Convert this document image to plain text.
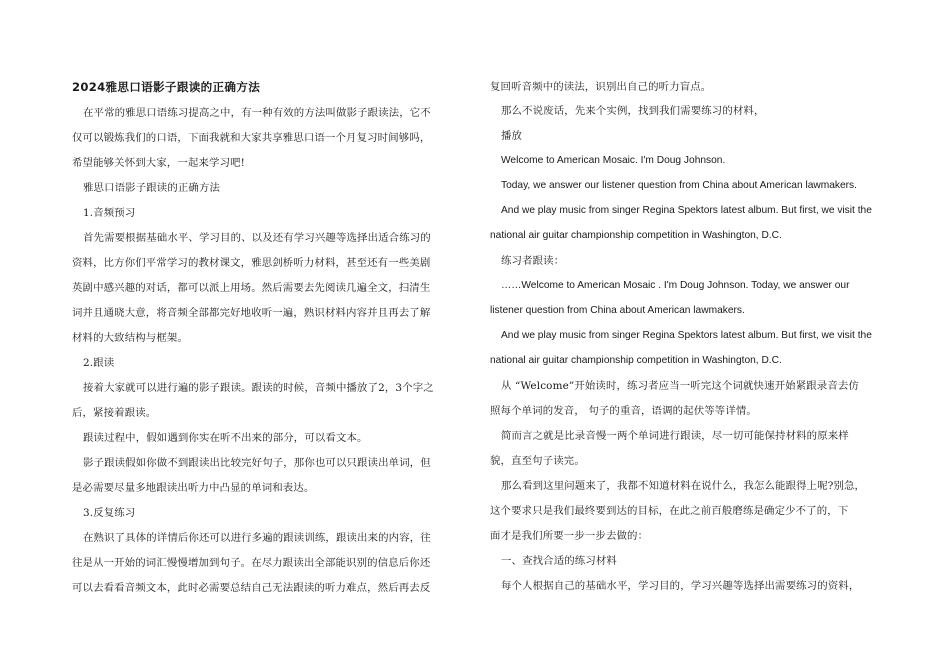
2024雅思口语影子跟读的正确方法
在平常的雅思口语练习提高之中，有一种有效的方法叫做影子跟读法，它不
仅可以锻炼我们的口语，下面我就和大家共享雅思口语一个月复习时间够吗，
希望能够关怀到大家，一起来学习吧!
雅思口语影子跟读的正确方法
1.音频预习
首先需要根据基础水平、学习目的、以及还有学习兴趣等选择出适合练习的
资料，比方你们平常学习的教材课文，雅思剑桥听力材料，甚至还有一些美剧
英剧中感兴趣的对话，都可以派上用场。然后需要去先阅读几遍全文，扫清生
词并且通晓大意，将音频全部都完好地收听一遍，熟识材料内容并且再去了解
材料的大致结构与框架。
2.跟读
接着大家就可以进行遍的影子跟读。跟读的时候，音频中播放了2，3个字之
后，紧接着跟读。
跟读过程中，假如遇到你实在听不出来的部分，可以看文本。
影子跟读假如你做不到跟读出比较完好句子，那你也可以只跟读出单词，但
是必需要尽量多地跟读出听力中凸显的单词和表达。
3.反复练习
在熟识了具体的详情后你还可以进行多遍的跟读训练，跟读出来的内容，往
往是从一开始的词汇慢慢增加到句子。在尽力跟读出全部能识别的信息后你还
可以去看看音频文本，此时必需要总结自己无法跟读的听力难点，然后再去反
复回听音频中的读法，识别出自己的听力盲点。
那么不说废话，先来个实例，找到我们需要练习的材料，
播放
Welcome to American Mosaic. I'm Doug Johnson.
Today, we answer our listener question from China about American lawmakers.
And we play music from singer Regina Spektors latest album. But first, we visit the
national air guitar championship competition in Washington, D.C.
练习者跟读：
……Welcome to American Mosaic . I'm Doug Johnson. Today, we answer our
listener question from China about American lawmakers.
And we play music from singer Regina Spektors latest album. But first, we visit the
national air guitar championship competition in Washington, D.C.
从 “Welcome”开始读时，练习者应当一听完这个词就快速开始紧跟录音去仿
照每个单词的发音， 句子的重音，语调的起伏等等详情。
简而言之就是比录音慢一两个单词进行跟读，尽一切可能保持材料的原来样
貌，直至句子读完。
那么看到这里问题来了，我都不知道材料在说什么，我怎么能跟得上呢?别急，
这个要求只是我们最终要到达的目标，在此之前百般磨练是确定少不了的，下
面才是我们所要一步一步去做的：
一、查找合适的练习材料
每个人根据自己的基础水平，学习目的，学习兴趣等选择出需要练习的资料，
